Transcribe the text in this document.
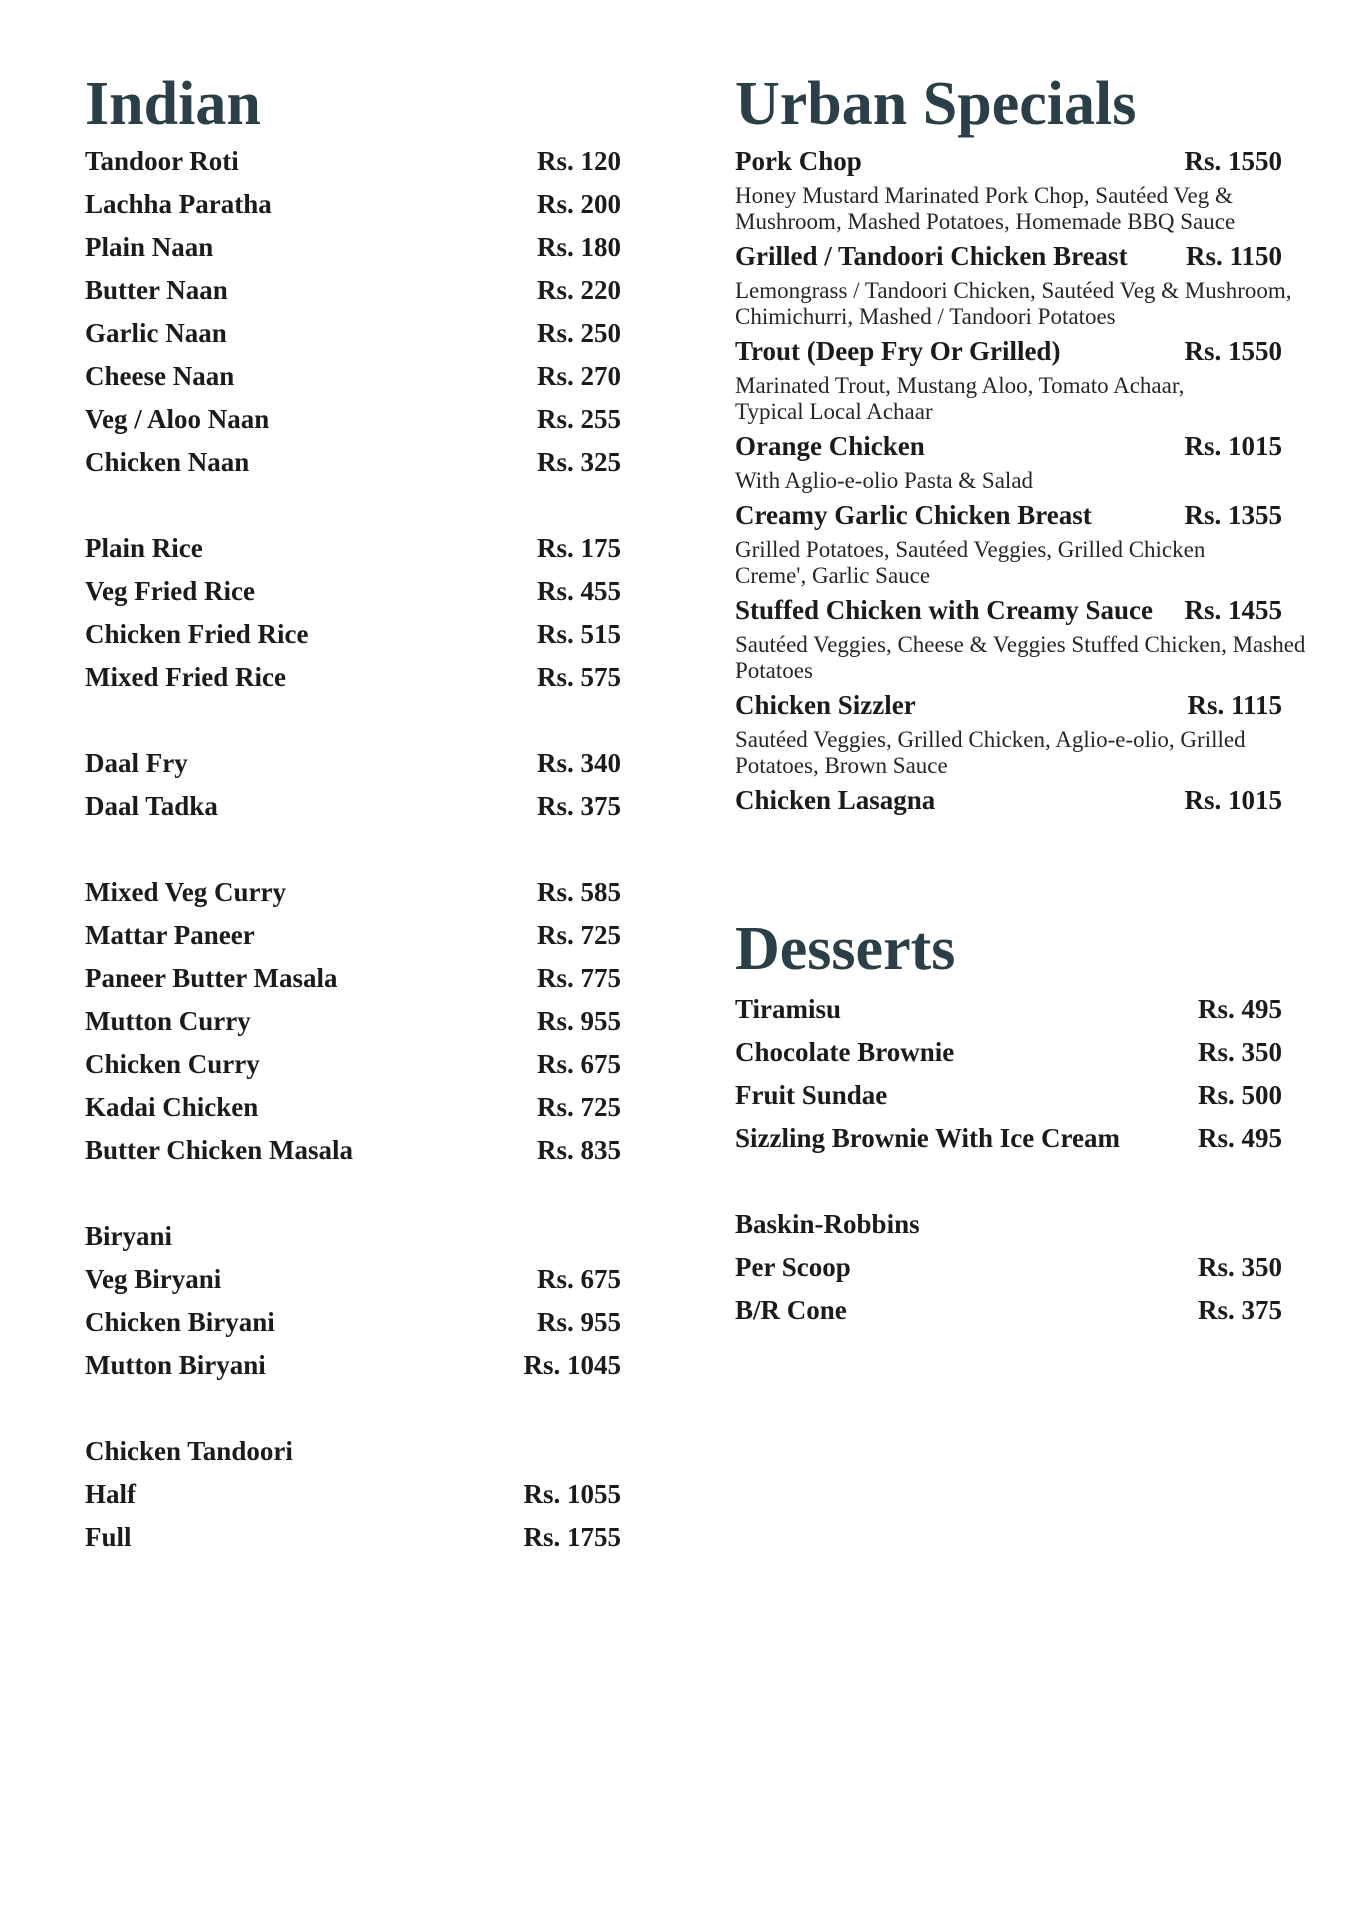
Indian
Tandoor Roti	Rs. 120
Lachha Paratha	Rs. 200
Plain Naan	Rs. 180
Butter Naan	Rs. 220
Garlic Naan	Rs. 250
Cheese Naan	Rs. 270
Veg / Aloo Naan	Rs. 255
Chicken Naan	Rs. 325
Plain Rice	Rs. 175
Veg Fried Rice	Rs. 455
Chicken Fried Rice	Rs. 515
Mixed Fried Rice	Rs. 575
Daal Fry	Rs. 340
Daal Tadka	Rs. 375
Mixed Veg Curry	Rs. 585
Mattar Paneer	Rs. 725
Paneer Butter Masala	Rs. 775
Mutton Curry	Rs. 955
Chicken Curry	Rs. 675
Kadai Chicken	Rs. 725
Butter Chicken Masala	Rs. 835
Biryani
Veg Biryani	Rs. 675
Chicken Biryani	Rs. 955
Mutton Biryani	Rs. 1045
Chicken Tandoori
Half	Rs. 1055
Full	Rs. 1755
Urban Specials
Pork Chop	Rs. 1550
Honey Mustard Marinated Pork Chop, Sautéed Veg &
Mushroom, Mashed Potatoes, Homemade BBQ Sauce
Grilled / Tandoori Chicken Breast Rs. 1150
Lemongrass / Tandoori Chicken, Sautéed Veg & Mushroom,
Chimichurri, Mashed / Tandoori Potatoes
Trout (Deep Fry Or Grilled)	Rs. 1550
Marinated Trout, Mustang Aloo, Tomato Achaar,
Typical Local Achaar
Orange Chicken	Rs. 1015
With Aglio-e-olio Pasta & Salad
Creamy Garlic Chicken Breast	Rs. 1355
Grilled Potatoes, Sautéed Veggies, Grilled Chicken
Creme', Garlic Sauce
Stuffed Chicken with Creamy Sauce Rs. 1455
Sautéed Veggies, Cheese & Veggies Stuffed Chicken, Mashed
Potatoes
Chicken Sizzler	Rs. 1115
Sautéed Veggies, Grilled Chicken, Aglio-e-olio, Grilled
Potatoes, Brown Sauce
Chicken Lasagna	Rs. 1015
Desserts
Tiramisu	Rs. 495
Chocolate Brownie	Rs. 350
Fruit Sundae	Rs. 500
Sizzling Brownie With Ice Cream	Rs. 495
Baskin-Robbins
Per Scoop	Rs. 350
B/R Cone	Rs. 375
